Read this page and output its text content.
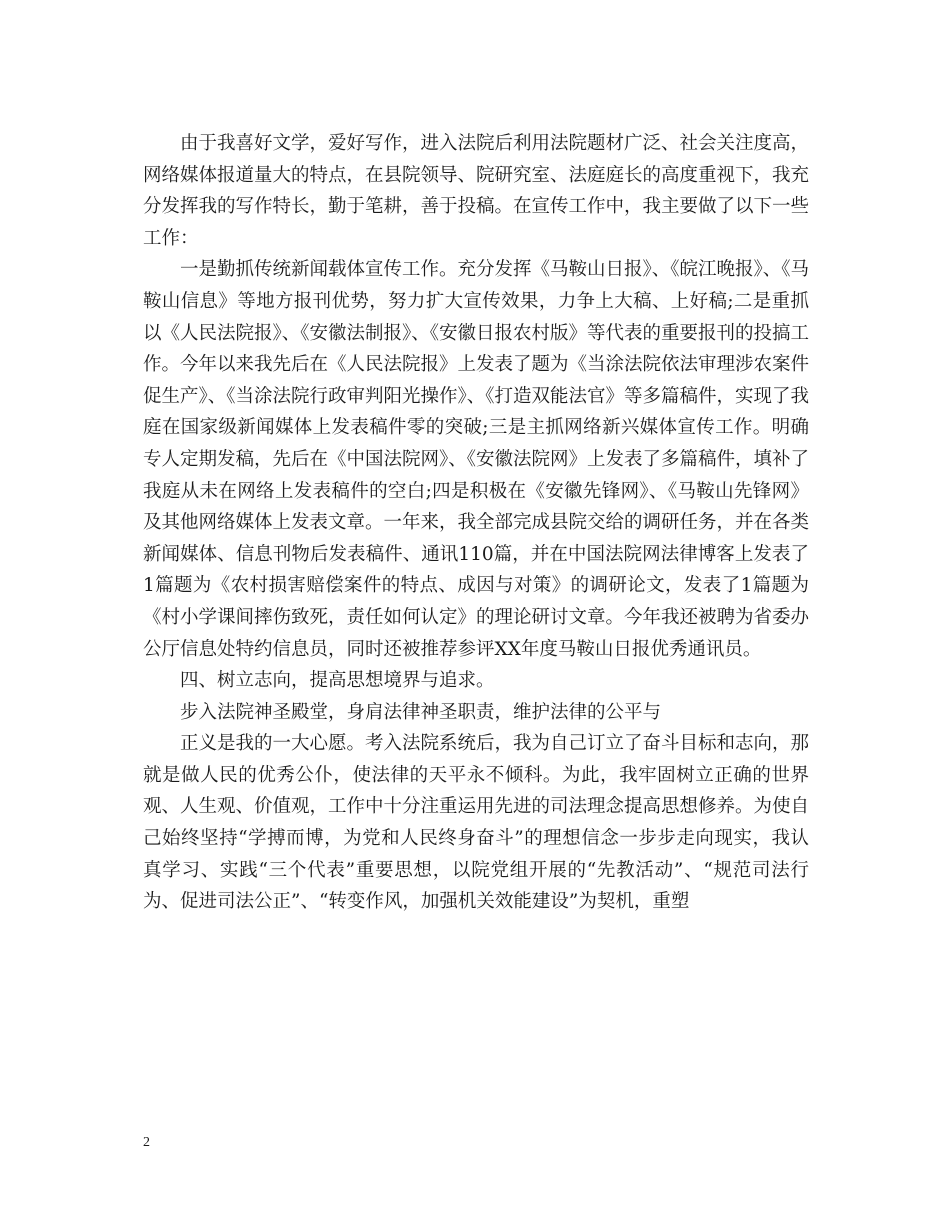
由于我喜好文学，爱好写作，进入法院后利用法院题材广泛、社会关注度高，网络媒体报道量大的特点，在县院领导、院研究室、法庭庭长的高度重视下，我充分发挥我的写作特长，勤于笔耕，善于投稿。在宣传工作中，我主要做了以下一些工作：

一是勤抓传统新闻载体宣传工作。充分发挥《马鞍山日报》、《皖江晚报》、《马鞍山信息》等地方报刊优势，努力扩大宣传效果，力争上大稿、上好稿;二是重抓以《人民法院报》、《安徽法制报》、《安徽日报农村版》等代表的重要报刊的投搞工作。今年以来我先后在《人民法院报》上发表了题为《当涂法院依法审理涉农案件促生产》、《当涂法院行政审判阳光操作》、《打造双能法官》等多篇稿件，实现了我庭在国家级新闻媒体上发表稿件零的突破;三是主抓网络新兴媒体宣传工作。明确专人定期发稿，先后在《中国法院网》、《安徽法院网》上发表了多篇稿件，填补了我庭从未在网络上发表稿件的空白;四是积极在《安徽先锋网》、《马鞍山先锋网》及其他网络媒体上发表文章。一年来，我全部完成县院交给的调研任务，并在各类新闻媒体、信息刊物后发表稿件、通讯110篇，并在中国法院网法律博客上发表了1篇题为《农村损害赔偿案件的特点、成因与对策》的调研论文，发表了1篇题为《村小学课间摔伤致死，责任如何认定》的理论研讨文章。今年我还被聘为省委办公厅信息处特约信息员，同时还被推荐参评XX年度马鞍山日报优秀通讯员。

四、树立志向，提高思想境界与追求。

步入法院神圣殿堂，身肩法律神圣职责，维护法律的公平与

正义是我的一大心愿。考入法院系统后，我为自己订立了奋斗目标和志向，那就是做人民的优秀公仆，使法律的天平永不倾科。为此，我牢固树立正确的世界观、人生观、价值观，工作中十分注重运用先进的司法理念提高思想修养。为使自己始终坚持“学搏而博，为党和人民终身奋斗”的理想信念一步步走向现实，我认真学习、实践“三个代表”重要思想，以院党组开展的“先教活动”、“规范司法行为、促进司法公正”、“转变作风，加强机关效能建设”为契机，重塑

2
